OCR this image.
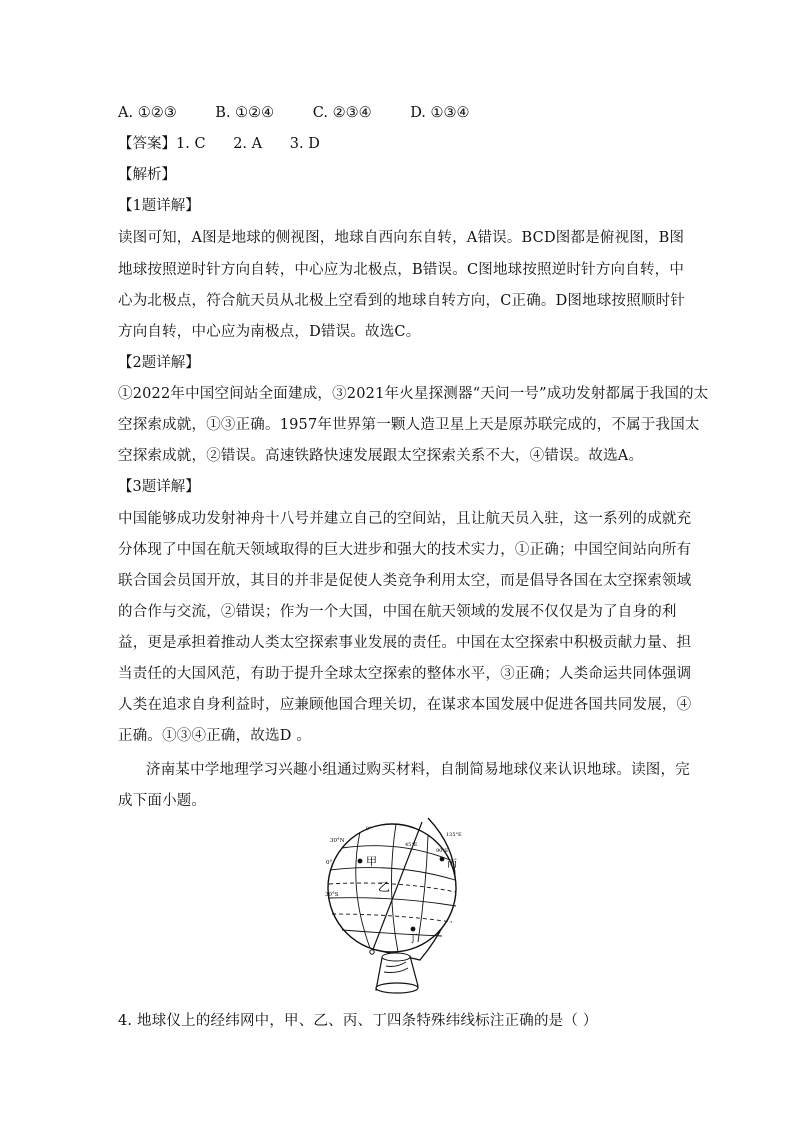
A. ①②③	B. ①②④	C. ②③④	D. ①③④
【答案】1. C      2. A      3. D
【解析】
【1题详解】
读图可知，A图是地球的侧视图，地球自西向东自转，A错误。BCD图都是俯视图，B图
地球按照逆时针方向自转，中心应为北极点，B错误。C图地球按照逆时针方向自转，中
心为北极点，符合航天员从北极上空看到的地球自转方向，C正确。D图地球按照顺时针
方向自转，中心应为南极点，D错误。故选C。
【2题详解】
①2022年中国空间站全面建成，③2021年火星探测器“天问一号”成功发射都属于我国的太
空探索成就，①③正确。1957年世界第一颗人造卫星上天是原苏联完成的，不属于我国太
空探索成就，②错误。高速铁路快速发展跟太空探索关系不大，④错误。故选A。
【3题详解】
中国能够成功发射神舟十八号并建立自己的空间站，且让航天员入驻，这一系列的成就充
分体现了中国在航天领域取得的巨大进步和强大的技术实力，①正确；中国空间站向所有
联合国会员国开放，其目的并非是促使人类竞争利用太空，而是倡导各国在太空探索领域
的合作与交流，②错误；作为一个大国，中国在航天领域的发展不仅仅是为了自身的利
益，更是承担着推动人类太空探索事业发展的责任。中国在太空探索中积极贡献力量、担
当责任的大国风范，有助于提升全球太空探索的整体水平，③正确；人类命运共同体强调
人类在追求自身利益时，应兼顾他国合理关切，在谋求本国发展中促进各国共同发展，④
正确。①③④正确，故选D 。
济南某中学地理学习兴趣小组通过购买材料，自制简易地球仪来认识地球。读图，完
成下面小题。
甲
乙
丙
丁
30°N
0°
30°S
0°
45°E
90°E
135°E
4. 地球仪上的经纬网中，甲、乙、丙、丁四条特殊纬线标注正确的是（ ）
